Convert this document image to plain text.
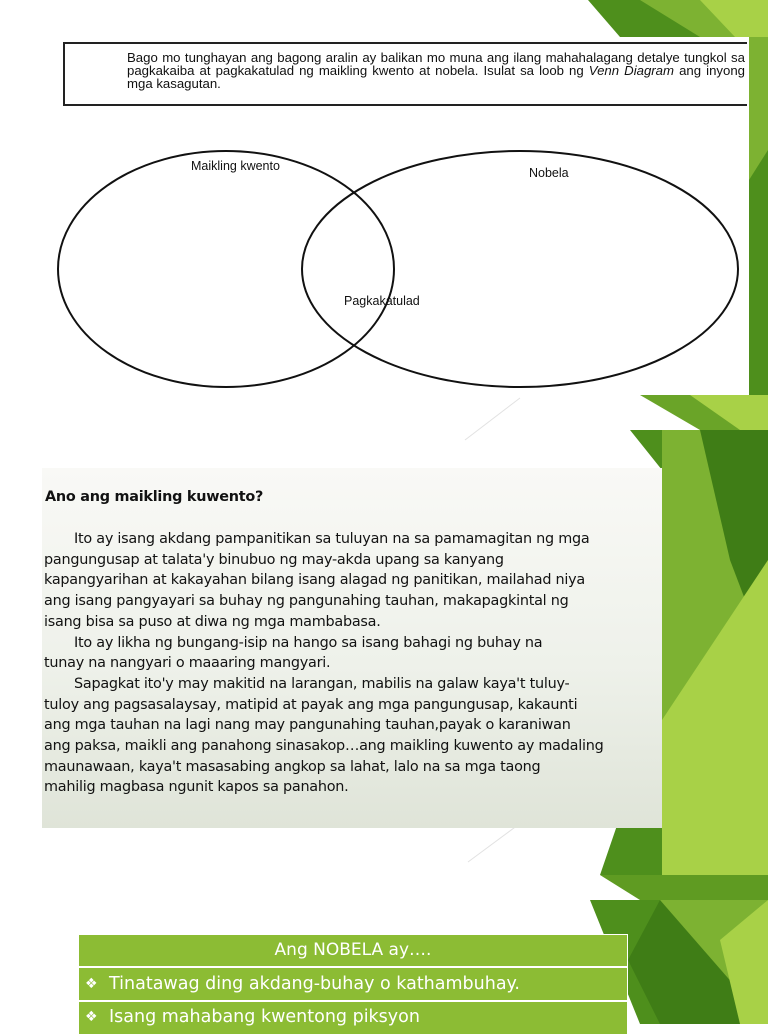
Bago mo tunghayan ang bagong aralin ay balikan mo muna ang ilang mahahalagang detalye tungkol sa pagkakaiba at pagkakatulad ng maikling kwento at nobela. Isulat sa loob ng Venn Diagram ang inyong mga kasagutan.
Maikling kwento	Nobela
Pagkakatulad
Ano ang maikling kuwento?

Ito ay isang akdang pampanitikan sa tuluyan na sa pamamagitan ng mga
pangungusap at talata'y binubuo ng may-akda upang sa kanyang
kapangyarihan at kakayahan bilang isang alagad ng panitikan, mailahad niya
ang isang pangyayari sa buhay ng pangunahing tauhan, makapagkintal ng
isang bisa sa puso at diwa ng mga mambabasa.
Ito ay likha ng bungang-isip na hango sa isang bahagi ng buhay na
tunay na nangyari o maaaring mangyari.
Sapagkat ito'y may makitid na larangan, mabilis na galaw kaya't tuluy-
tuloy ang pagsasalaysay, matipid at payak ang mga pangungusap, kakaunti
ang mga tauhan na lagi nang may pangunahing tauhan,payak o karaniwan
ang paksa, maikli ang panahong sinasakop…ang maikling kuwento ay madaling
maunawaan, kaya't masasabing angkop sa lahat, lalo na sa mga taong
mahilig magbasa ngunit kapos sa panahon.

Ang NOBELA ay….
❖ Tinatawag ding akdang-buhay o kathambuhay.
❖ Isang mahabang kwentong piksyon
